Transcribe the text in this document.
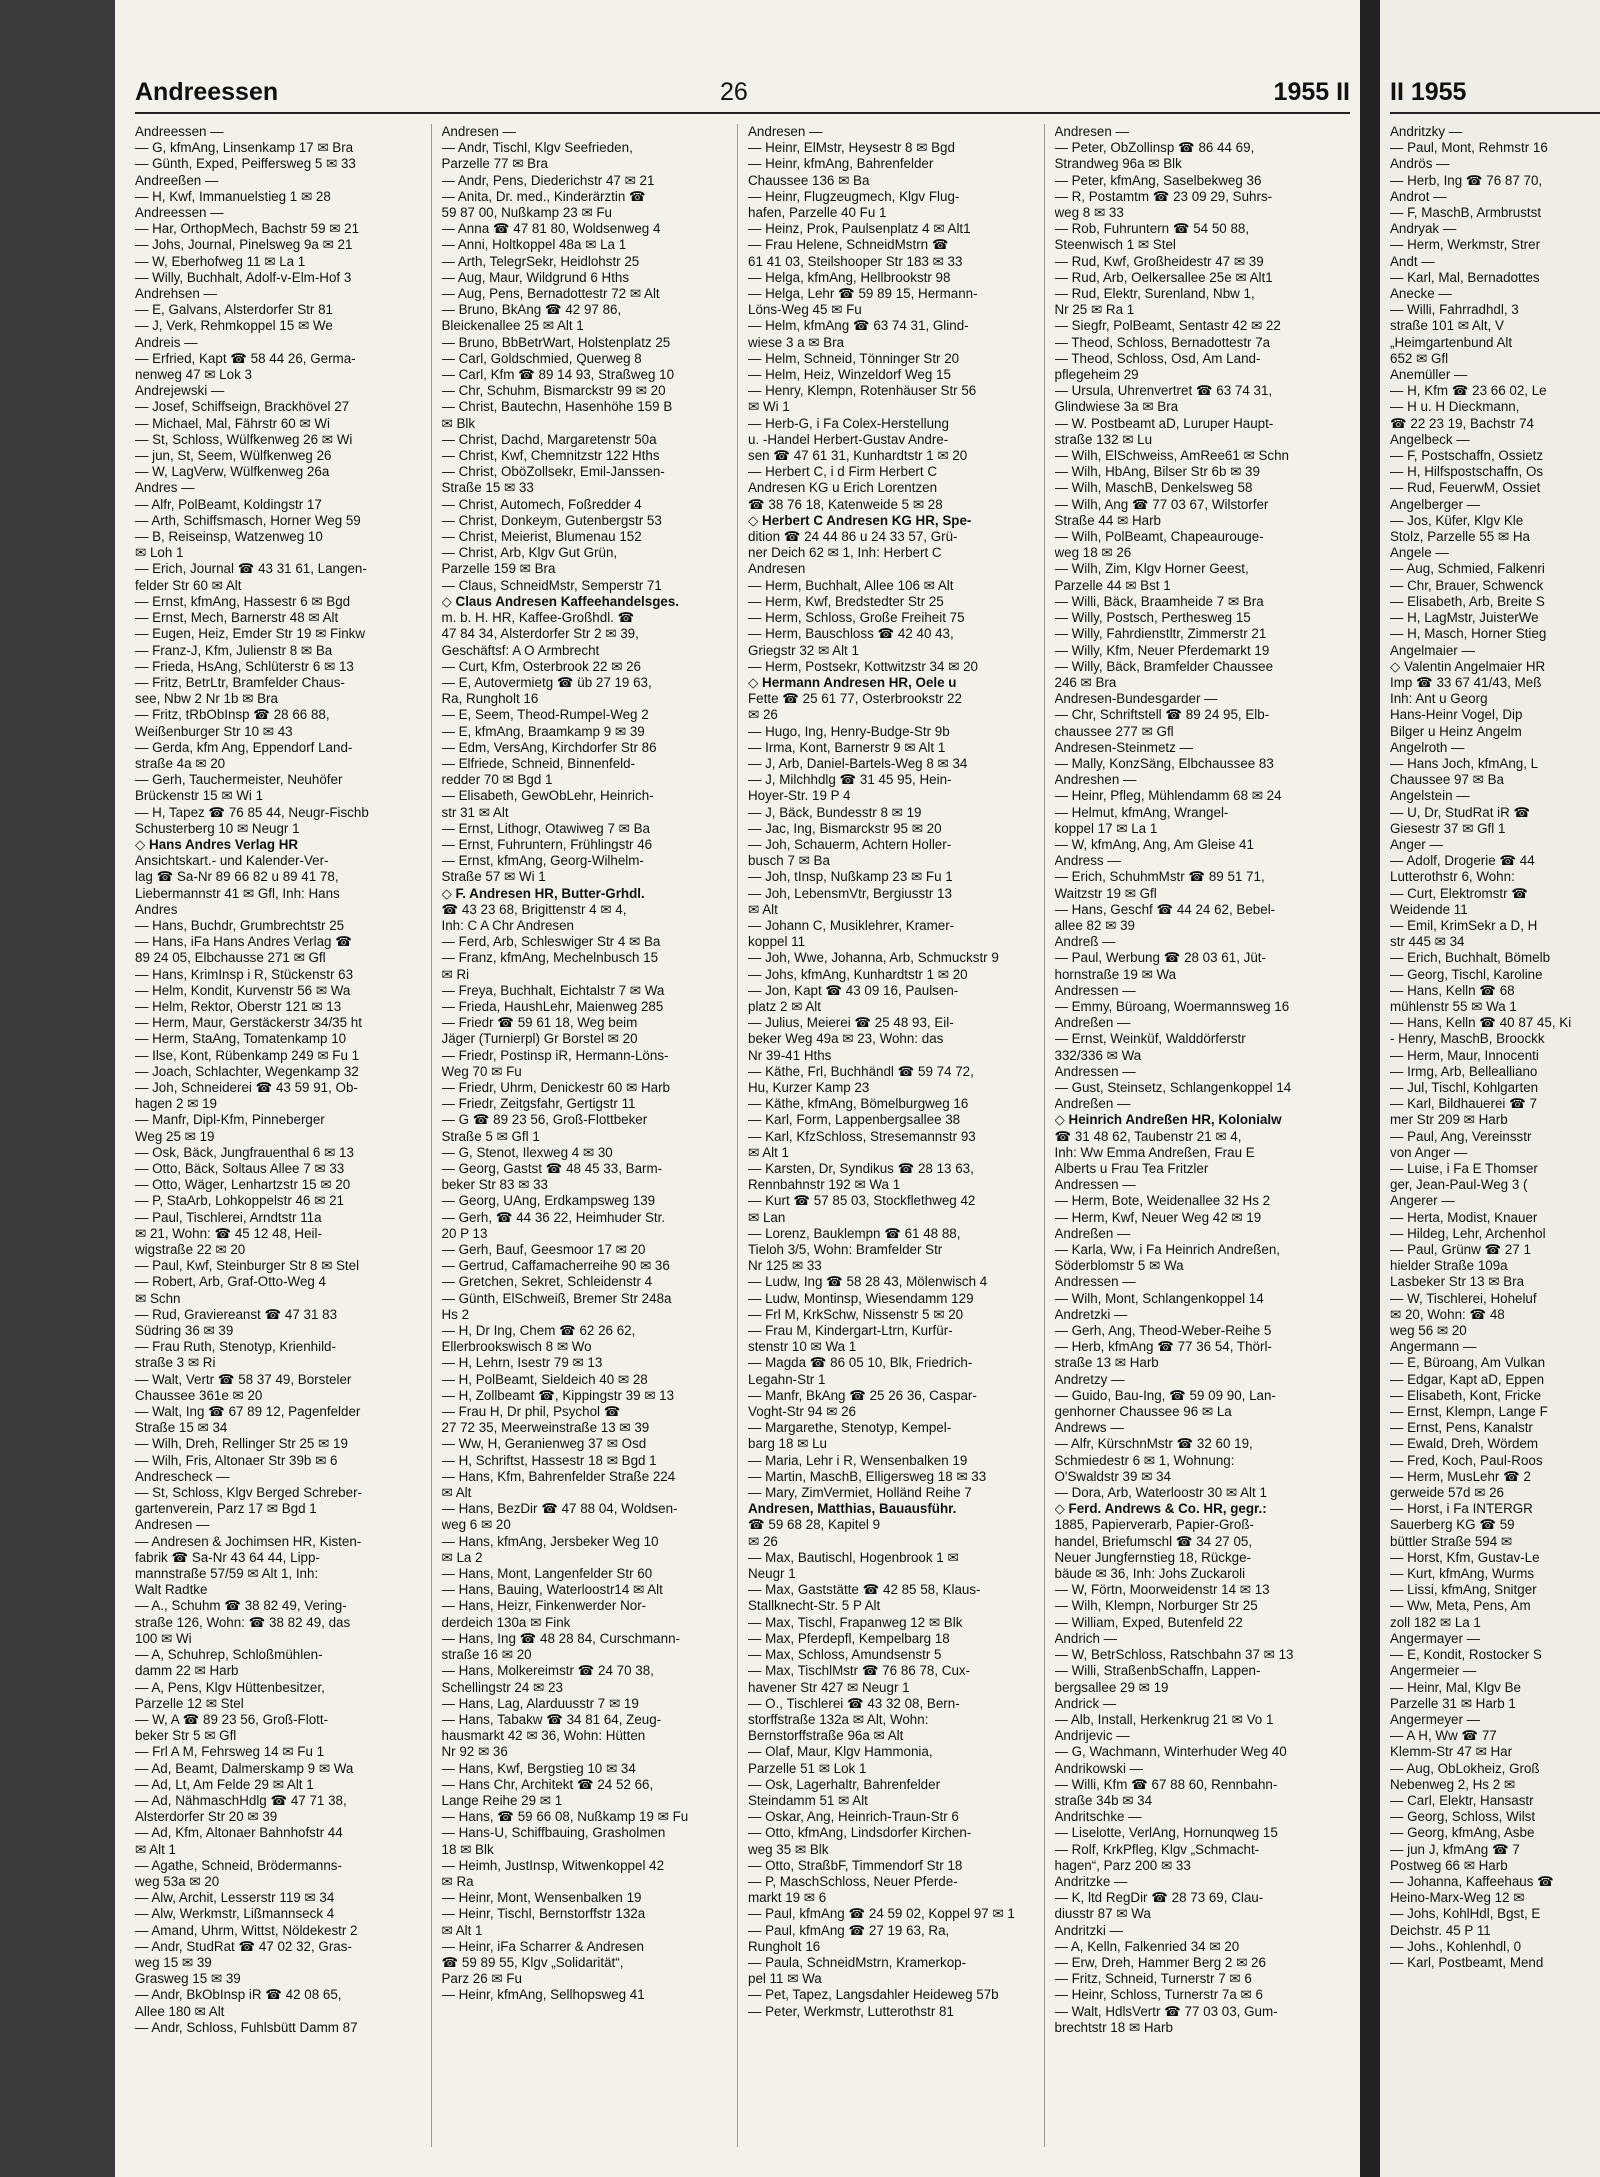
Andreessen	26	1955 II

Andreessen —

— G, kfmAng, Linsenkamp 17 ✉ Bra

— Günth, Exped, Peiffersweg 5 ✉ 33

Andreeßen —

— H, Kwf, Immanuelstieg 1 ✉ 28

Andreessen —

— Har, OrthopMech, Bachstr 59 ✉ 21

— Johs, Journal, Pinelsweg 9a ✉ 21

— W, Eberhofweg 11 ✉ La 1

— Willy, Buchhalt, Adolf-v-Elm-Hof 3

Andrehsen —

— E, Galvans, Alsterdorfer Str 81

— J, Verk, Rehmkoppel 15 ✉ We

Andreis —

— Erfried, Kapt ☎ 58 44 26, Germa-

nenweg 47 ✉ Lok 3

Andrejewski —

— Josef, Schiffseign, Brackhövel 27

— Michael, Mal, Fährstr 60 ✉ Wi

— St, Schloss, Wülfkenweg 26 ✉ Wi

— jun, St, Seem, Wülfkenweg 26

— W, LagVerw, Wülfkenweg 26a

Andres —

— Alfr, PolBeamt, Koldingstr 17

— Arth, Schiffsmasch, Horner Weg 59

— B, Reiseinsp, Watzenweg 10

✉ Loh 1

— Erich, Journal ☎ 43 31 61, Langen-

felder Str 60 ✉ Alt

— Ernst, kfmAng, Hassestr 6 ✉ Bgd

— Ernst, Mech, Barnerstr 48 ✉ Alt

— Eugen, Heiz, Emder Str 19 ✉ Finkw

— Franz-J, Kfm, Julienstr 8 ✉ Ba

— Frieda, HsAng, Schlüterstr 6 ✉ 13

— Fritz, BetrLtr, Bramfelder Chaus-

see, Nbw 2 Nr 1b ✉ Bra

— Fritz, tRbObInsp ☎ 28 66 88,

Weißenburger Str 10 ✉ 43

— Gerda, kfm Ang, Eppendorf Land-

straße 4a ✉ 20

— Gerh, Tauchermeister, Neuhöfer

Brückenstr 15 ✉ Wi 1

— H, Tapez ☎ 76 85 44, Neugr-Fischb

Schusterberg 10 ✉ Neugr 1

◇ Hans Andres Verlag HR

Ansichtskart.- und Kalender-Ver-

lag ☎ Sa-Nr 89 66 82 u 89 41 78,

Liebermannstr 41 ✉ Gfl, Inh: Hans

Andres

— Hans, Buchdr, Grumbrechtstr 25

— Hans, iFa Hans Andres Verlag ☎

89 24 05, Elbchausse 271 ✉ Gfl

— Hans, KrimInsp i R, Stückenstr 63

— Helm, Kondit, Kurvenstr 56 ✉ Wa

— Helm, Rektor, Oberstr 121 ✉ 13

— Herm, Maur, Gerstäckerstr 34/35 ht

— Herm, StaAng, Tomatenkamp 10

— Ilse, Kont, Rübenkamp 249 ✉ Fu 1

— Joach, Schlachter, Wegenkamp 32

— Joh, Schneiderei ☎ 43 59 91, Ob-

hagen 2 ✉ 19

— Manfr, Dipl-Kfm, Pinneberger

Weg 25 ✉ 19

— Osk, Bäck, Jungfrauenthal 6 ✉ 13

— Otto, Bäck, Soltaus Allee 7 ✉ 33

— Otto, Wäger, Lenhartzstr 15 ✉ 20

— P, StaArb, Lohkoppelstr 46 ✉ 21

— Paul, Tischlerei, Arndtstr 11a

✉ 21, Wohn: ☎ 45 12 48, Heil-

wigstraße 22 ✉ 20

— Paul, Kwf, Steinburger Str 8 ✉ Stel

— Robert, Arb, Graf-Otto-Weg 4

✉ Schn

— Rud, Graviereanst ☎ 47 31 83

Südring 36 ✉ 39

— Frau Ruth, Stenotyp, Krienhild-

straße 3 ✉ Ri

— Walt, Vertr ☎ 58 37 49, Borsteler

Chaussee 361e ✉ 20

— Walt, Ing ☎ 67 89 12, Pagenfelder

Straße 15 ✉ 34

— Wilh, Dreh, Rellinger Str 25 ✉ 19

— Wilh, Fris, Altonaer Str 39b ✉ 6

Andrescheck —

— St, Schloss, Klgv Berged Schreber-

gartenverein, Parz 17 ✉ Bgd 1

Andresen —

— Andresen & Jochimsen HR, Kisten-

fabrik ☎ Sa-Nr 43 64 44, Lipp-

mannstraße 57/59 ✉ Alt 1, Inh:

Walt Radtke

— A., Schuhm ☎ 38 82 49, Vering-

straße 126, Wohn: ☎ 38 82 49, das

100 ✉ Wi

— A, Schuhrep, Schloßmühlen-

damm 22 ✉ Harb

— A, Pens, Klgv Hüttenbesitzer,

Parzelle 12 ✉ Stel

— W, A ☎ 89 23 56, Groß-Flott-

beker Str 5 ✉ Gfl

— Frl A M, Fehrsweg 14 ✉ Fu 1

— Ad, Beamt, Dalmerskamp 9 ✉ Wa

— Ad, Lt, Am Felde 29 ✉ Alt 1

— Ad, NähmaschHdlg ☎ 47 71 38,

Alsterdorfer Str 20 ✉ 39

— Ad, Kfm, Altonaer Bahnhofstr 44

✉ Alt 1

— Agathe, Schneid, Brödermanns-

weg 53a ✉ 20

— Alw, Archit, Lesserstr 119 ✉ 34

— Alw, Werkmstr, Lißmannseck 4

— Amand, Uhrm, Wittst, Nöldekestr 2

— Andr, StudRat ☎ 47 02 32, Gras-

weg 15 ✉ 39

Grasweg 15 ✉ 39

— Andr, BkObInsp iR ☎ 42 08 65,

Allee 180 ✉ Alt

— Andr, Schloss, Fuhlsbütt Damm 87

Andresen —

— Andr, Tischl, Klgv Seefrieden,

Parzelle 77 ✉ Bra

— Andr, Pens, Diederichstr 47 ✉ 21

— Anita, Dr. med., Kinderärztin ☎

59 87 00, Nußkamp 23 ✉ Fu

— Anna ☎ 47 81 80, Woldsenweg 4

— Anni, Holtkoppel 48a ✉ La 1

— Arth, TelegrSekr, Heidlohstr 25

— Aug, Maur, Wildgrund 6 Hths

— Aug, Pens, Bernadottestr 72 ✉ Alt

— Bruno, BkAng ☎ 42 97 86,

Bleickenallee 25 ✉ Alt 1

— Bruno, BbBetrWart, Holstenplatz 25

— Carl, Goldschmied, Querweg 8

— Carl, Kfm ☎ 89 14 93, Straßweg 10

— Chr, Schuhm, Bismarckstr 99 ✉ 20

— Christ, Bautechn, Hasenhöhe 159 B

✉ Blk

— Christ, Dachd, Margaretenstr 50a

— Christ, Kwf, Chemnitzstr 122 Hths

— Christ, OböZollsekr, Emil-Janssen-

Straße 15 ✉ 33

— Christ, Automech, Foßredder 4

— Christ, Donkeym, Gutenbergstr 53

— Christ, Meierist, Blumenau 152

— Christ, Arb, Klgv Gut Grün,

Parzelle 159 ✉ Bra

— Claus, SchneidMstr, Semperstr 71

◇ Claus Andresen Kaffeehandelsges.

m. b. H. HR, Kaffee-Großhdl. ☎

47 84 34, Alsterdorfer Str 2 ✉ 39,

Geschäftsf: A O Armbrecht

— Curt, Kfm, Osterbrook 22 ✉ 26

— E, Autovermietg ☎ üb 27 19 63,

Ra, Rungholt 16

— E, Seem, Theod-Rumpel-Weg 2

— E, kfmAng, Braamkamp 9 ✉ 39

— Edm, VersAng, Kirchdorfer Str 86

— Elfriede, Schneid, Binnenfeld-

redder 70 ✉ Bgd 1

— Elisabeth, GewObLehr, Heinrich-

str 31 ✉ Alt

— Ernst, Lithogr, Otawiweg 7 ✉ Ba

— Ernst, Fuhruntern, Frühlingstr 46

— Ernst, kfmAng, Georg-Wilhelm-

Straße 57 ✉ Wi 1

◇ F. Andresen HR, Butter-Grhdl.

☎ 43 23 68, Brigittenstr 4 ✉ 4,

Inh: C A Chr Andresen

— Ferd, Arb, Schleswiger Str 4 ✉ Ba

— Franz, kfmAng, Mechelnbusch 15

✉ Ri

— Freya, Buchhalt, Eichtalstr 7 ✉ Wa

— Frieda, HaushLehr, Maienweg 285

— Friedr ☎ 59 61 18, Weg beim

Jäger (Turnierpl) Gr Borstel ✉ 20

— Friedr, Postinsp iR, Hermann-Löns-

Weg 70 ✉ Fu

— Friedr, Uhrm, Denickestr 60 ✉ Harb

— Friedr, Zeitgsfahr, Gertigstr 11

— G ☎ 89 23 56, Groß-Flottbeker

Straße 5 ✉ Gfl 1

— G, Stenot, Ilexweg 4 ✉ 30

— Georg, Gastst ☎ 48 45 33, Barm-

beker Str 83 ✉ 33

— Georg, UAng, Erdkampsweg 139

— Gerh, ☎ 44 36 22, Heimhuder Str.

20 P 13

— Gerh, Bauf, Geesmoor 17 ✉ 20

— Gertrud, Caffamacherreihe 90 ✉ 36

— Gretchen, Sekret, Schleidenstr 4

— Günth, ElSchweiß, Bremer Str 248a

Hs 2

— H, Dr Ing, Chem ☎ 62 26 62,

Ellerbrookswisch 8 ✉ Wo

— H, Lehrn, Isestr 79 ✉ 13

— H, PolBeamt, Sieldeich 40 ✉ 28

— H, Zollbeamt ☎, Kippingstr 39 ✉ 13

— Frau H, Dr phil, Psychol ☎

27 72 35, Meerweinstraße 13 ✉ 39

— Ww, H, Geranienweg 37 ✉ Osd

— H, Schriftst, Hassestr 18 ✉ Bgd 1

— Hans, Kfm, Bahrenfelder Straße 224

✉ Alt

— Hans, BezDir ☎ 47 88 04, Woldsen-

weg 6 ✉ 20

— Hans, kfmAng, Jersbeker Weg 10

✉ La 2

— Hans, Mont, Langenfelder Str 60

— Hans, Bauing, Waterloostr14 ✉ Alt

— Hans, Heizr, Finkenwerder Nor-

derdeich 130a ✉ Fink

— Hans, Ing ☎ 48 28 84, Curschmann-

straße 16 ✉ 20

— Hans, Molkereimstr ☎ 24 70 38,

Schellingstr 24 ✉ 23

— Hans, Lag, Alarduusstr 7 ✉ 19

— Hans, Tabakw ☎ 34 81 64, Zeug-

hausmarkt 42 ✉ 36, Wohn: Hütten

Nr 92 ✉ 36

— Hans, Kwf, Bergstieg 10 ✉ 34

— Hans Chr, Architekt ☎ 24 52 66,

Lange Reihe 29 ✉ 1

— Hans, ☎ 59 66 08, Nußkamp 19 ✉ Fu

— Hans-U, Schiffbauing, Grasholmen

18 ✉ Blk

— Heimh, JustInsp, Witwenkoppel 42

✉ Ra

— Heinr, Mont, Wensenbalken 19

— Heinr, Tischl, Bernstorffstr 132a

✉ Alt 1

— Heinr, iFa Scharrer & Andresen

☎ 59 89 55, Klgv „Solidarität“,

Parz 26 ✉ Fu

— Heinr, kfmAng, Sellhopsweg 41

Andresen —

— Heinr, ElMstr, Heysestr 8 ✉ Bgd

— Heinr, kfmAng, Bahrenfelder

Chaussee 136 ✉ Ba

— Heinr, Flugzeugmech, Klgv Flug-

hafen, Parzelle 40 Fu 1

— Heinz, Prok, Paulsenplatz 4 ✉ Alt1

— Frau Helene, SchneidMstrn ☎

61 41 03, Steilshooper Str 183 ✉ 33

— Helga, kfmAng, Hellbrookstr 98

— Helga, Lehr ☎ 59 89 15, Hermann-

Löns-Weg 45 ✉ Fu

— Helm, kfmAng ☎ 63 74 31, Glind-

wiese 3 a ✉ Bra

— Helm, Schneid, Tönninger Str 20

— Helm, Heiz, Winzeldorf Weg 15

— Henry, Klempn, Rotenhäuser Str 56

✉ Wi 1

— Herb-G, i Fa Colex-Herstellung

u. -Handel Herbert-Gustav Andre-

sen ☎ 47 61 31, Kunhardtstr 1 ✉ 20

— Herbert C, i d Firm Herbert C

Andresen KG u Erich Lorentzen

☎ 38 76 18, Katenweide 5 ✉ 28

◇ Herbert C Andresen KG HR, Spe-

dition ☎ 24 44 86 u 24 33 57, Grü-

ner Deich 62 ✉ 1, Inh: Herbert C

Andresen

— Herm, Buchhalt, Allee 106 ✉ Alt

— Herm, Kwf, Bredstedter Str 25

— Herm, Schloss, Große Freiheit 75

— Herm, Bauschloss ☎ 42 40 43,

Griegstr 32 ✉ Alt 1

— Herm, Postsekr, Kottwitzstr 34 ✉ 20

◇ Hermann Andresen HR, Oele u

Fette ☎ 25 61 77, Osterbrookstr 22

✉ 26

— Hugo, Ing, Henry-Budge-Str 9b

— Irma, Kont, Barnerstr 9 ✉ Alt 1

— J, Arb, Daniel-Bartels-Weg 8 ✉ 34

— J, Milchhdlg ☎ 31 45 95, Hein-

Hoyer-Str. 19 P 4

— J, Bäck, Bundesstr 8 ✉ 19

— Jac, Ing, Bismarckstr 95 ✉ 20

— Joh, Schauerm, Achtern Holler-

busch 7 ✉ Ba

— Joh, tInsp, Nußkamp 23 ✉ Fu 1

— Joh, LebensmVtr, Bergiusstr 13

✉ Alt

— Johann C, Musiklehrer, Kramer-

koppel 11

— Joh, Wwe, Johanna, Arb, Schmuckstr 9

— Johs, kfmAng, Kunhardtstr 1 ✉ 20

— Jon, Kapt ☎ 43 09 16, Paulsen-

platz 2 ✉ Alt

— Julius, Meierei ☎ 25 48 93, Eil-

beker Weg 49a ✉ 23, Wohn: das

Nr 39-41 Hths

— Käthe, Frl, Buchhändl ☎ 59 74 72,

Hu, Kurzer Kamp 23

— Käthe, kfmAng, Bömelburgweg 16

— Karl, Form, Lappenbergsallee 38

— Karl, KfzSchloss, Stresemannstr 93

✉ Alt 1

— Karsten, Dr, Syndikus ☎ 28 13 63,

Rennbahnstr 192 ✉ Wa 1

— Kurt ☎ 57 85 03, Stockflethweg 42

✉ Lan

— Lorenz, Bauklempn ☎ 61 48 88,

Tieloh 3/5, Wohn: Bramfelder Str

Nr 125 ✉ 33

— Ludw, Ing ☎ 58 28 43, Mölenwisch 4

— Ludw, Montinsp, Wiesendamm 129

— Frl M, KrkSchw, Nissenstr 5 ✉ 20

— Frau M, Kindergart-Ltrn, Kurfür-

stenstr 10 ✉ Wa 1

— Magda ☎ 86 05 10, Blk, Friedrich-

Legahn-Str 1

— Manfr, BkAng ☎ 25 26 36, Caspar-

Voght-Str 94 ✉ 26

— Margarethe, Stenotyp, Kempel-

barg 18 ✉ Lu

— Maria, Lehr i R, Wensenbalken 19

— Martin, MaschB, Elligersweg 18 ✉ 33

— Mary, ZimVermiet, Holländ Reihe 7

Andresen, Matthias, Bauausführ.

☎ 59 68 28, Kapitel 9

✉ 26

— Max, Bautischl, Hogenbrook 1 ✉

Neugr 1

— Max, Gaststätte ☎ 42 85 58, Klaus-

Stallknecht-Str. 5 P Alt

— Max, Tischl, Frapanweg 12 ✉ Blk

— Max, Pferdepfl, Kempelbarg 18

— Max, Schloss, Amundsenstr 5

— Max, TischlMstr ☎ 76 86 78, Cux-

havener Str 427 ✉ Neugr 1

— O., Tischlerei ☎ 43 32 08, Bern-

storffstraße 132a ✉ Alt, Wohn:

Bernstorffstraße 96a ✉ Alt

— Olaf, Maur, Klgv Hammonia,

Parzelle 51 ✉ Lok 1

— Osk, Lagerhaltr, Bahrenfelder

Steindamm 51 ✉ Alt

— Oskar, Ang, Heinrich-Traun-Str 6

— Otto, kfmAng, Lindsdorfer Kirchen-

weg 35 ✉ Blk

— Otto, StraßbF, Timmendorf Str 18

— P, MaschSchloss, Neuer Pferde-

markt 19 ✉ 6

— Paul, kfmAng ☎ 24 59 02, Koppel 97 ✉ 1

— Paul, kfmAng ☎ 27 19 63, Ra,

Rungholt 16

— Paula, SchneidMstrn, Kramerkop-

pel 11 ✉ Wa

— Pet, Tapez, Langsdahler Heideweg 57b

— Peter, Werkmstr, Lutterothstr 81

Andresen —

— Peter, ObZollinsp ☎ 86 44 69,

Strandweg 96a ✉ Blk

— Peter, kfmAng, Saselbekweg 36

— R, Postamtm ☎ 23 09 29, Suhrs-

weg 8 ✉ 33

— Rob, Fuhruntern ☎ 54 50 88,

Steenwisch 1 ✉ Stel

— Rud, Kwf, Großheidestr 47 ✉ 39

— Rud, Arb, Oelkersallee 25e ✉ Alt1

— Rud, Elektr, Surenland, Nbw 1,

Nr 25 ✉ Ra 1

— Siegfr, PolBeamt, Sentastr 42 ✉ 22

— Theod, Schloss, Bernadottestr 7a

— Theod, Schloss, Osd, Am Land-

pflegeheim 29

— Ursula, Uhrenvertret ☎ 63 74 31,

Glindwiese 3a ✉ Bra

— W. Postbeamt aD, Luruper Haupt-

straße 132 ✉ Lu

— Wilh, ElSchweiss, AmRee61 ✉ Schn

— Wilh, HbAng, Bilser Str 6b ✉ 39

— Wilh, MaschB, Denkelsweg 58

— Wilh, Ang ☎ 77 03 67, Wilstorfer

Straße 44 ✉ Harb

— Wilh, PolBeamt, Chapeaurouge-

weg 18 ✉ 26

— Wilh, Zim, Klgv Horner Geest,

Parzelle 44 ✉ Bst 1

— Willi, Bäck, Braamheide 7 ✉ Bra

— Willy, Postsch, Perthesweg 15

— Willy, Fahrdienstltr, Zimmerstr 21

— Willy, Kfm, Neuer Pferdemarkt 19

— Willy, Bäck, Bramfelder Chaussee

246 ✉ Bra

Andresen-Bundesgarder —

— Chr, Schriftstell ☎ 89 24 95, Elb-

chaussee 277 ✉ Gfl

Andresen-Steinmetz —

— Mally, KonzSäng, Elbchaussee 83

Andreshen —

— Heinr, Pfleg, Mühlendamm 68 ✉ 24

— Helmut, kfmAng, Wrangel-

koppel 17 ✉ La 1

— W, kfmAng, Ang, Am Gleise 41

Andress —

— Erich, SchuhmMstr ☎ 89 51 71,

Waitzstr 19 ✉ Gfl

— Hans, Geschf ☎ 44 24 62, Bebel-

allee 82 ✉ 39

Andreß —

— Paul, Werbung ☎ 28 03 61, Jüt-

hornstraße 19 ✉ Wa

Andressen —

— Emmy, Büroang, Woermannsweg 16

Andreßen —

— Ernst, Weinküf, Walddörferstr

332/336 ✉ Wa

Andressen —

— Gust, Steinsetz, Schlangenkoppel 14

Andreßen —

◇ Heinrich Andreßen HR, Kolonialw

☎ 31 48 62, Taubenstr 21 ✉ 4,

Inh: Ww Emma Andreßen, Frau E

Alberts u Frau Tea Fritzler

Andressen —

— Herm, Bote, Weidenallee 32 Hs 2

— Herm, Kwf, Neuer Weg 42 ✉ 19

Andreßen —

— Karla, Ww, i Fa Heinrich Andreßen,

Söderblomstr 5 ✉ Wa

Andressen —

— Wilh, Mont, Schlangenkoppel 14

Andretzki —

— Gerh, Ang, Theod-Weber-Reihe 5

— Herb, kfmAng ☎ 77 36 54, Thörl-

straße 13 ✉ Harb

Andretzy —

— Guido, Bau-Ing, ☎ 59 09 90, Lan-

genhorner Chaussee 96 ✉ La

Andrews —

— Alfr, KürschnMstr ☎ 32 60 19,

Schmiedestr 6 ✉ 1, Wohnung:

O'Swaldstr 39 ✉ 34

— Dora, Arb, Waterloostr 30 ✉ Alt 1

◇ Ferd. Andrews & Co. HR, gegr.:

1885, Papierverarb, Papier-Groß-

handel, Briefumschl ☎ 34 27 05,

Neuer Jungfernstieg 18, Rückge-

bäude ✉ 36, Inh: Johs Zuckaroli

— W, Förtn, Moorweidenstr 14 ✉ 13

— Wilh, Klempn, Norburger Str 25

— William, Exped, Butenfeld 22

Andrich —

— W, BetrSchloss, Ratschbahn 37 ✉ 13

— Willi, StraßenbSchaffn, Lappen-

bergsallee 29 ✉ 19

Andrick —

— Alb, Install, Herkenkrug 21 ✉ Vo 1

Andrijevic —

— G, Wachmann, Winterhuder Weg 40

Andrikowski —

— Willi, Kfm ☎ 67 88 60, Rennbahn-

straße 34b ✉ 34

Andritschke —

— Liselotte, VerlAng, Hornunqweg 15

— Rolf, KrkPfleg, Klgv „Schmacht-

hagen“, Parz 200 ✉ 33

Andritzke —

— K, ltd RegDir ☎ 28 73 69, Clau-

diusstr 87 ✉ Wa

Andritzki —

— A, Kelln, Falkenried 34 ✉ 20

— Erw, Dreh, Hammer Berg 2 ✉ 26

— Fritz, Schneid, Turnerstr 7 ✉ 6

— Heinr, Schloss, Turnerstr 7a ✉ 6

— Walt, HdlsVertr ☎ 77 03 03, Gum-

brechtstr 18 ✉ Harb

II 1955

Andritzky —

— Paul, Mont, Rehmstr 16

Andrös —

— Herb, Ing ☎ 76 87 70,

Androt —

— F, MaschB, Armbrustst

Andryak —

— Herm, Werkmstr, Strer

Andt —

— Karl, Mal, Bernadottes

Anecke —

— Willi, Fahrradhdl, 3

straße 101 ✉ Alt, V

„Heimgartenbund Alt

652 ✉ Gfl

Anemüller —

— H, Kfm ☎ 23 66 02, Le

— H u. H Dieckmann,

☎ 22 23 19, Bachstr 74

Angelbeck —

— F, Postschaffn, Ossietz

— H, Hilfspostschaffn, Os

— Rud, FeuerwM, Ossiet

Angelberger —

— Jos, Küfer, Klgv Kle

Stolz, Parzelle 55 ✉ Ha

Angele —

— Aug, Schmied, Falkenri

— Chr, Brauer, Schwenck

— Elisabeth, Arb, Breite S

— H, LagMstr, JuisterWe

— H, Masch, Horner Stieg

Angelmaier —

◇ Valentin Angelmaier HR

Imp ☎ 33 67 41/43, Meß

Inh: Ant u Georg

Hans-Heinr Vogel, Dip

Bilger u Heinz Angelm

Angelroth —

— Hans Joch, kfmAng, L

Chaussee 97 ✉ Ba

Angelstein —

— U, Dr, StudRat iR ☎

Giesestr 37 ✉ Gfl 1

Anger —

— Adolf, Drogerie ☎ 44

Lutterothstr 6, Wohn:

— Curt, Elektromstr ☎

Weidende 11

— Emil, KrimSekr a D, H

str 445 ✉ 34

— Erich, Buchhalt, Bömelb

— Georg, Tischl, Karoline

— Hans, Kelln ☎ 68

mühlenstr 55 ✉ Wa 1

— Hans, Kelln ☎ 40 87 45, Ki

- Henry, MaschB, Broockk

— Herm, Maur, Innocenti

— Irmg, Arb, Bellealliano

— Jul, Tischl, Kohlgarten

— Karl, Bildhauerei ☎ 7

mer Str 209 ✉ Harb

— Paul, Ang, Vereinsstr

von Anger —

— Luise, i Fa E Thomser

ger, Jean-Paul-Weg 3 (

Angerer —

— Herta, Modist, Knauer

— Hildeg, Lehr, Archenhol

— Paul, Grünw ☎ 27 1

hielder Straße 109a

Lasbeker Str 13 ✉ Bra

— W, Tischlerei, Hoheluf

✉ 20, Wohn: ☎ 48

weg 56 ✉ 20

Angermann —

— E, Büroang, Am Vulkan

— Edgar, Kapt aD, Eppen

— Elisabeth, Kont, Fricke

— Ernst, Klempn, Lange F

— Ernst, Pens, Kanalstr

— Ewald, Dreh, Wördem

— Fred, Koch, Paul-Roos

— Herm, MusLehr ☎ 2

gerweide 57d ✉ 26

— Horst, i Fa INTERGR

Sauerberg KG ☎ 59

büttler Straße 594 ✉

— Horst, Kfm, Gustav-Le

— Kurt, kfmAng, Wurms

— Lissi, kfmAng, Snitger

— Ww, Meta, Pens, Am

zoll 182 ✉ La 1

Angermayer —

— E, Kondit, Rostocker S

Angermeier —

— Heinr, Mal, Klgv Be

Parzelle 31 ✉ Harb 1

Angermeyer —

— A H, Ww ☎ 77

Klemm-Str 47 ✉ Har

— Aug, ObLokheiz, Groß

Nebenweg 2, Hs 2 ✉

— Carl, Elektr, Hansastr

— Georg, Schloss, Wilst

— Georg, kfmAng, Asbe

— jun J, kfmAng ☎ 7

Postweg 66 ✉ Harb

— Johanna, Kaffeehaus ☎

Heino-Marx-Weg 12 ✉

— Johs, KohlHdl, Bgst, E

Deichstr. 45 P 11

— Johs., Kohlenhdl, 0

— Karl, Postbeamt, Mend
